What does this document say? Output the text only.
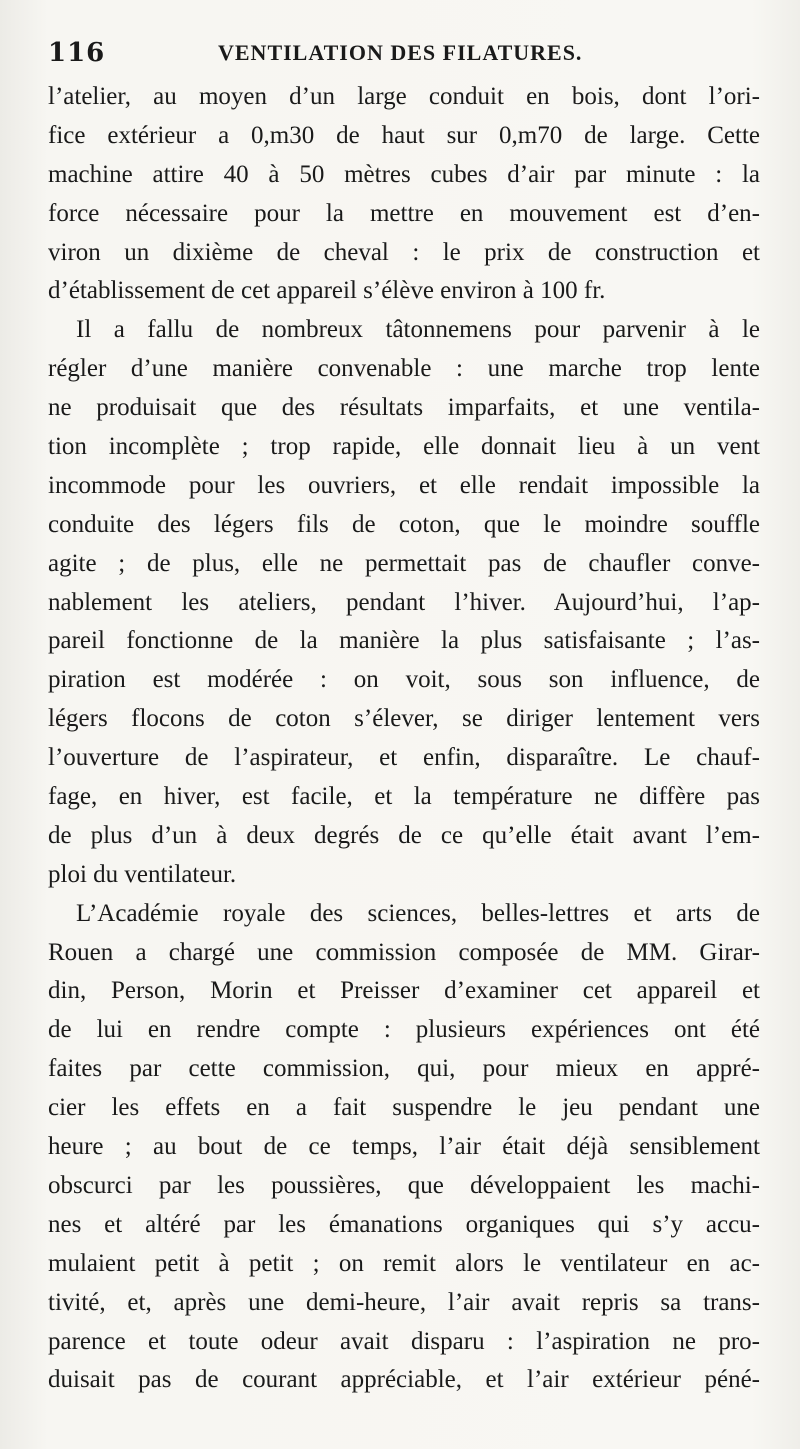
116	VENTILATION DES FILATURES.
l’atelier, au moyen d’un large conduit en bois, dont l’ori-
fice extérieur a 0,m30 de haut sur 0,m70 de large. Cette
machine attire 40 à 50 mètres cubes d’air par minute : la
force nécessaire pour la mettre en mouvement est d’en-
viron un dixième de cheval : le prix de construction et
d’établissement de cet appareil s’élève environ à 100 fr.
Il a fallu de nombreux tâtonnemens pour parvenir à le
régler d’une manière convenable : une marche trop lente
ne produisait que des résultats imparfaits, et une ventila-
tion incomplète ; trop rapide, elle donnait lieu à un vent
incommode pour les ouvriers, et elle rendait impossible la
conduite des légers fils de coton, que le moindre souffle
agite ; de plus, elle ne permettait pas de chaufler conve-
nablement les ateliers, pendant l’hiver. Aujourd’hui, l’ap-
pareil fonctionne de la manière la plus satisfaisante ; l’as-
piration est modérée : on voit, sous son influence, de
légers flocons de coton s’élever, se diriger lentement vers
l’ouverture de l’aspirateur, et enfin, disparaître. Le chauf-
fage, en hiver, est facile, et la température ne diffère pas
de plus d’un à deux degrés de ce qu’elle était avant l’em-
ploi du ventilateur.
L’Académie royale des sciences, belles-lettres et arts de
Rouen a chargé une commission composée de MM. Girar-
din, Person, Morin et Preisser d’examiner cet appareil et
de lui en rendre compte : plusieurs expériences ont été
faites par cette commission, qui, pour mieux en appré-
cier les effets en a fait suspendre le jeu pendant une
heure ; au bout de ce temps, l’air était déjà sensiblement
obscurci par les poussières, que développaient les machi-
nes et altéré par les émanations organiques qui s’y accu-
mulaient petit à petit ; on remit alors le ventilateur en ac-
tivité, et, après une demi-heure, l’air avait repris sa trans-
parence et toute odeur avait disparu : l’aspiration ne pro-
duisait pas de courant appréciable, et l’air extérieur péné-
